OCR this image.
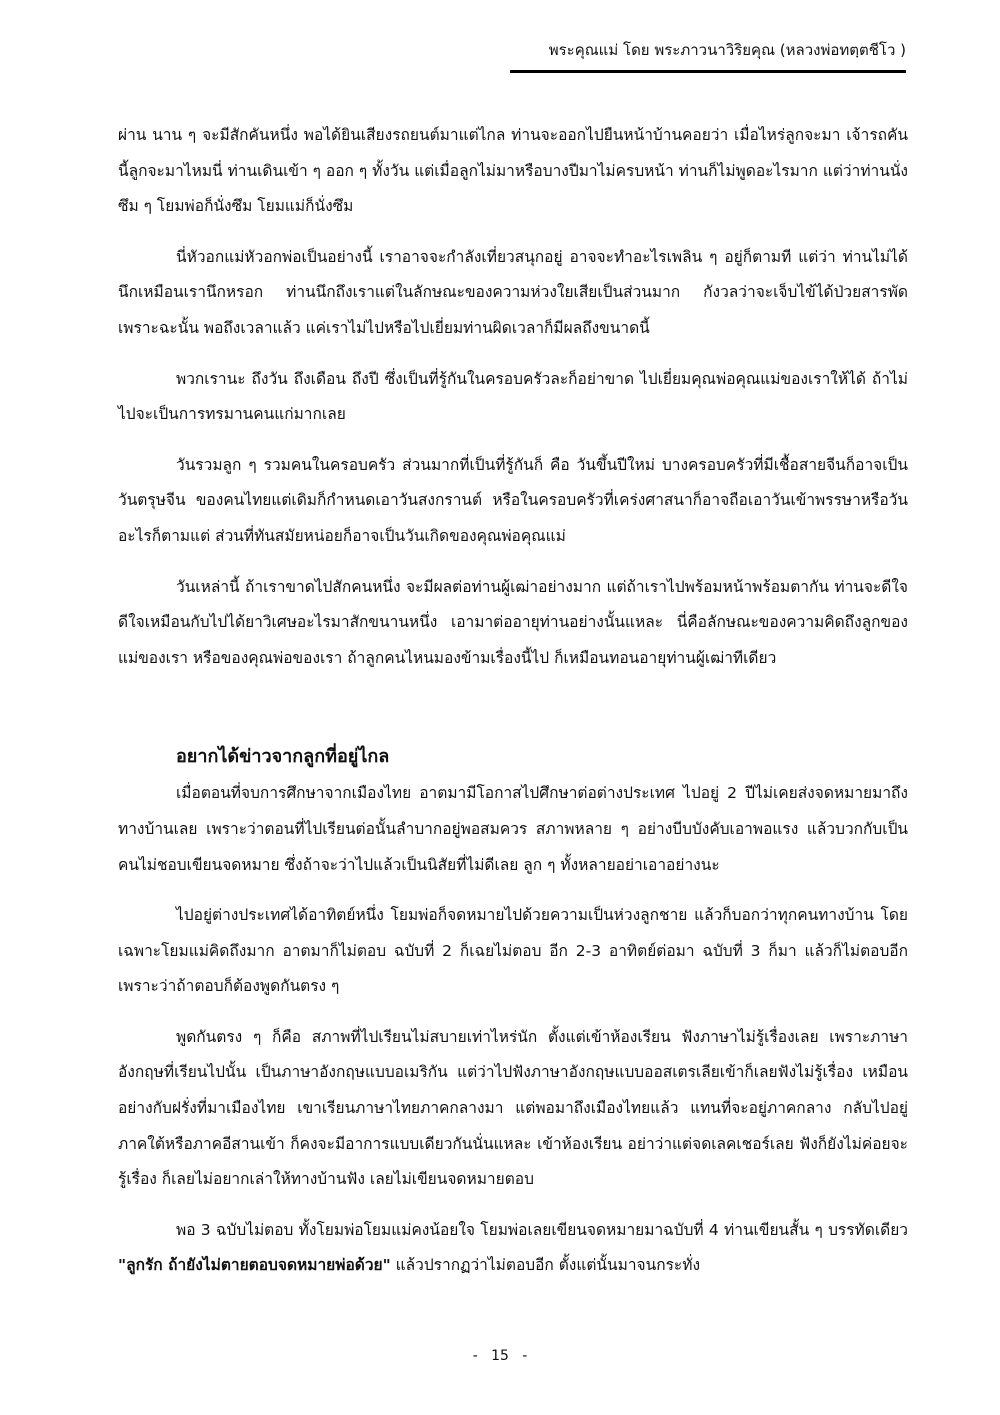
พระคุณแม่ โดย พระภาวนาวิริยคุณ (หลวงพ่อทตฺตชีโว )

ผ่าน นาน ๆ จะมีสักคันหนึ่ง พอได้ยินเสียงรถยนต์มาแต่ไกล ท่านจะออกไปยืนหน้าบ้านคอยว่า เมื่อไหร่ลูกจะมา เจ้ารถคันนี้ลูกจะมาไหมนี่ ท่านเดินเข้า ๆ ออก ๆ ทั้งวัน แต่เมื่อลูกไม่มาหรือบางปีมาไม่ครบหน้า ท่านก็ไม่พูดอะไรมาก แต่ว่าท่านนั่งซึม ๆ โยมพ่อก็นั่งซึม โยมแม่ก็นั่งซึม

นี่หัวอกแม่หัวอกพ่อเป็นอย่างนี้ เราอาจจะกำลังเที่ยวสนุกอยู่ อาจจะทำอะไรเพลิน ๆ อยู่ก็ตามที แต่ว่า ท่านไม่ได้นึกเหมือนเรานึกหรอก ท่านนึกถึงเราแต่ในลักษณะของความห่วงใยเสียเป็นส่วนมาก กังวลว่าจะเจ็บไข้ได้ป่วยสารพัด เพราะฉะนั้น พอถึงเวลาแล้ว แค่เราไม่ไปหรือไปเยี่ยมท่านผิดเวลาก็มีผลถึงขนาดนี้

พวกเรานะ ถึงวัน ถึงเดือน ถึงปี ซึ่งเป็นที่รู้กันในครอบครัวละก็อย่าขาด ไปเยี่ยมคุณพ่อคุณแม่ของเราให้ได้ ถ้าไม่ไปจะเป็นการทรมานคนแก่มากเลย

วันรวมลูก ๆ รวมคนในครอบครัว ส่วนมากที่เป็นที่รู้กันก็ คือ วันขึ้นปีใหม่ บางครอบครัวที่มีเชื้อสายจีนก็อาจเป็นวันตรุษจีน ของคนไทยแต่เดิมก็กำหนดเอาวันสงกรานต์ หรือในครอบครัวที่เคร่งศาสนาก็อาจถือเอาวันเข้าพรรษาหรือวันอะไรก็ตามแต่ ส่วนที่ทันสมัยหน่อยก็อาจเป็นวันเกิดของคุณพ่อคุณแม่

วันเหล่านี้ ถ้าเราขาดไปสักคนหนึ่ง จะมีผลต่อท่านผู้เฒ่าอย่างมาก แต่ถ้าเราไปพร้อมหน้าพร้อมตากัน ท่านจะดีใจ ดีใจเหมือนกับไปได้ยาวิเศษอะไรมาสักขนานหนึ่ง เอามาต่ออายุท่านอย่างนั้นแหละ นี่คือลักษณะของความคิดถึงลูกของแม่ของเรา หรือของคุณพ่อของเรา ถ้าลูกคนไหนมองข้ามเรื่องนี้ไป ก็เหมือนทอนอายุท่านผู้เฒ่าทีเดียว

อยากได้ข่าวจากลูกที่อยู่ไกล

เมื่อตอนที่จบการศึกษาจากเมืองไทย อาตมามีโอกาสไปศึกษาต่อต่างประเทศ ไปอยู่ 2 ปีไม่เคยส่งจดหมายมาถึงทางบ้านเลย เพราะว่าตอนที่ไปเรียนต่อนั้นลำบากอยู่พอสมควร สภาพหลาย ๆ อย่างบีบบังคับเอาพอแรง แล้วบวกกับเป็นคนไม่ชอบเขียนจดหมาย ซึ่งถ้าจะว่าไปแล้วเป็นนิสัยที่ไม่ดีเลย ลูก ๆ ทั้งหลายอย่าเอาอย่างนะ

ไปอยู่ต่างประเทศได้อาทิตย์หนึ่ง โยมพ่อก็จดหมายไปด้วยความเป็นห่วงลูกชาย แล้วก็บอกว่าทุกคนทางบ้าน โดยเฉพาะโยมแม่คิดถึงมาก อาตมาก็ไม่ตอบ ฉบับที่ 2 ก็เฉยไม่ตอบ อีก 2-3 อาทิตย์ต่อมา ฉบับที่ 3 ก็มา แล้วก็ไม่ตอบอีก เพราะว่าถ้าตอบก็ต้องพูดกันตรง ๆ

พูดกันตรง ๆ ก็คือ สภาพที่ไปเรียนไม่สบายเท่าไหร่นัก ตั้งแต่เข้าห้องเรียน ฟังภาษาไม่รู้เรื่องเลย เพราะภาษาอังกฤษที่เรียนไปนั้น เป็นภาษาอังกฤษแบบอเมริกัน แต่ว่าไปฟังภาษาอังกฤษแบบออสเตรเลียเข้าก็เลยฟังไม่รู้เรื่อง เหมือนอย่างกับฝรั่งที่มาเมืองไทย เขาเรียนภาษาไทยภาคกลางมา แต่พอมาถึงเมืองไทยแล้ว แทนที่จะอยู่ภาคกลาง กลับไปอยู่ภาคใต้หรือภาคอีสานเข้า ก็คงจะมีอาการแบบเดียวกันนั่นแหละ เข้าห้องเรียน อย่าว่าแต่จดเลคเชอร์เลย ฟังก็ยังไม่ค่อยจะรู้เรื่อง ก็เลยไม่อยากเล่าให้ทางบ้านฟัง เลยไม่เขียนจดหมายตอบ

พอ 3 ฉบับไม่ตอบ ทั้งโยมพ่อโยมแม่คงน้อยใจ โยมพ่อเลยเขียนจดหมายมาฉบับที่ 4 ท่านเขียนสั้น ๆ บรรทัดเดียว "ลูกรัก ถ้ายังไม่ตายตอบจดหมายพ่อด้วย" แล้วปรากฏว่าไม่ตอบอีก ตั้งแต่นั้นมาจนกระทั่ง

-   15   -
